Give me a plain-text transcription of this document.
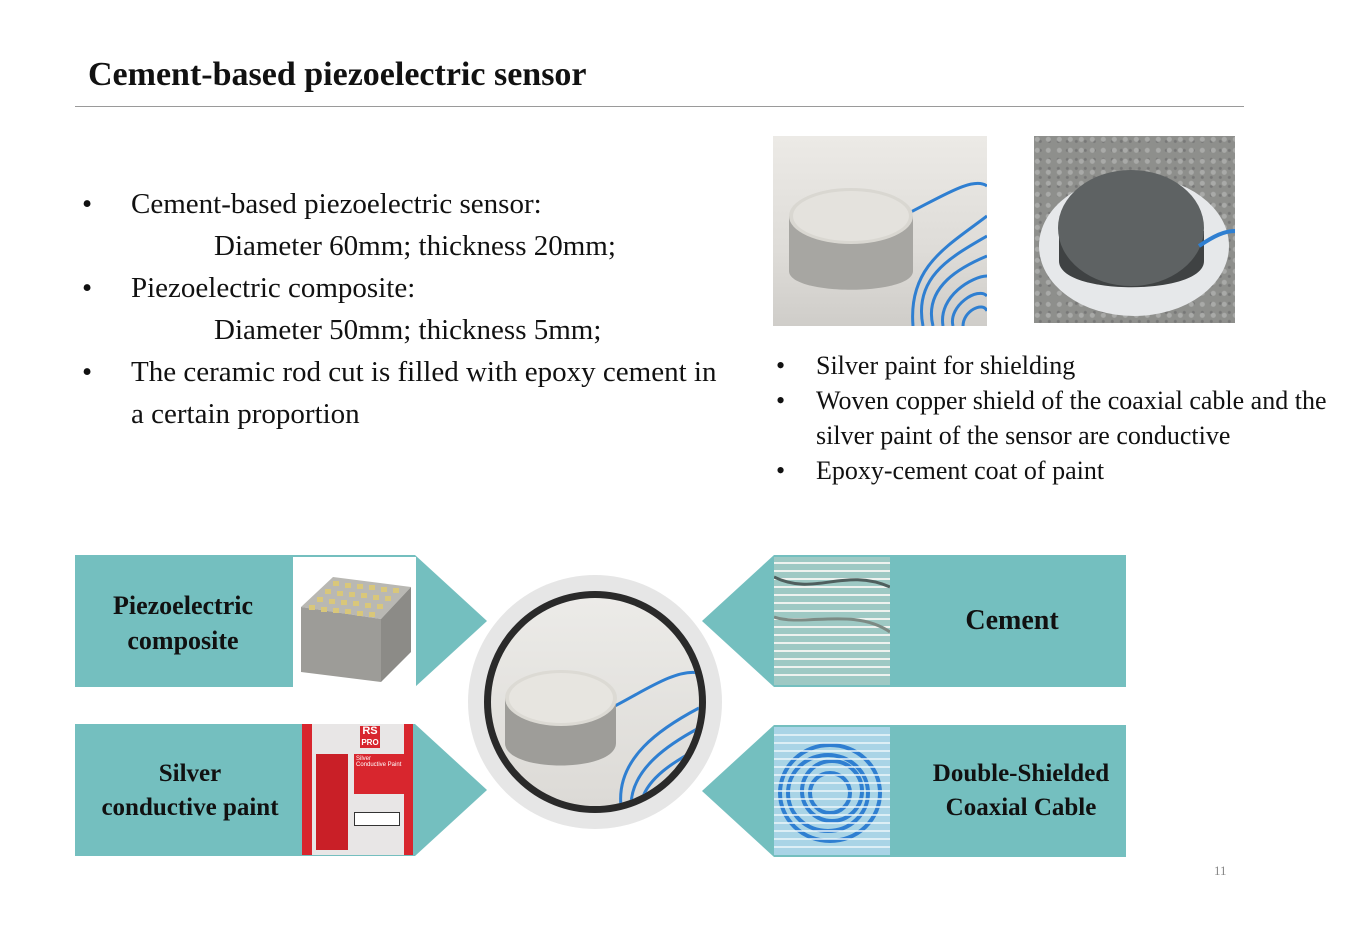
Cement-based piezoelectric sensor
• Cement-based piezoelectric sensor:
Diameter 60mm; thickness 20mm;
• Piezoelectric composite:
Diameter 50mm; thickness 5mm;
• The ceramic rod cut is filled with epoxy cement in a certain proportion
• Silver paint for shielding
• Woven copper shield of the coaxial cable and the silver paint of the sensor are conductive
• Epoxy-cement coat of paint
Piezoelectric
composite
Silver
conductive paint
RS
PRO
Silver Conductive Paint
Cement
Double-Shielded
Coaxial Cable
11
